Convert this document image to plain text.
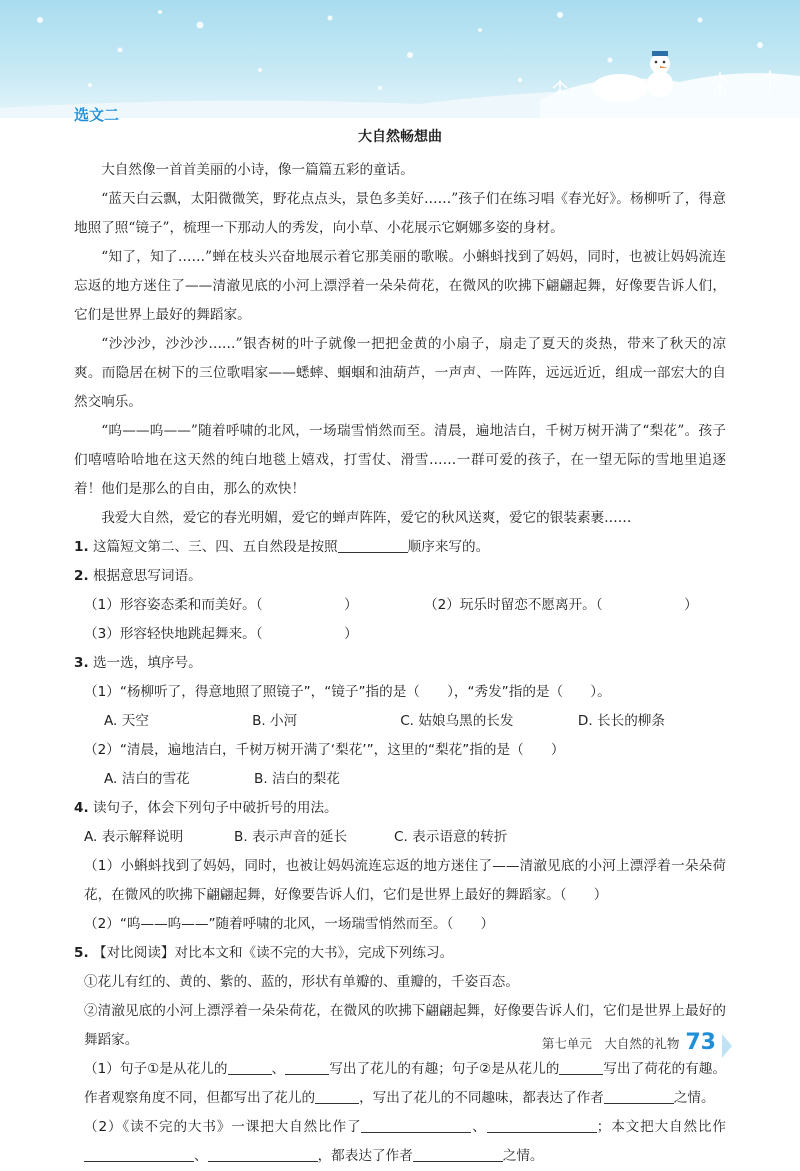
选文二
大自然畅想曲

大自然像一首首美丽的小诗，像一篇篇五彩的童话。

“蓝天白云飘，太阳微微笑，野花点点头，景色多美好……”孩子们在练习唱《春光好》。杨柳听了，得意地照了照“镜子”，梳理一下那动人的秀发，向小草、小花展示它婀娜多姿的身材。

“知了，知了……”蝉在枝头兴奋地展示着它那美丽的歌喉。小蝌蚪找到了妈妈，同时，也被让妈妈流连忘返的地方迷住了——清澈见底的小河上漂浮着一朵朵荷花，在微风的吹拂下翩翩起舞，好像要告诉人们，它们是世界上最好的舞蹈家。

“沙沙沙，沙沙沙……”银杏树的叶子就像一把把金黄的小扇子，扇走了夏天的炎热，带来了秋天的凉爽。而隐居在树下的三位歌唱家——蟋蟀、蝈蝈和油葫芦，一声声、一阵阵，远远近近，组成一部宏大的自然交响乐。

“呜——呜——”随着呼啸的北风，一场瑞雪悄然而至。清晨，遍地洁白，千树万树开满了“梨花”。孩子们嘻嘻哈哈地在这天然的纯白地毯上嬉戏，打雪仗、滑雪……一群可爱的孩子，在一望无际的雪地里追逐着！他们是那么的自由，那么的欢快！

我爱大自然，爱它的春光明媚，爱它的蝉声阵阵，爱它的秋风送爽，爱它的银装素裹……

1. 这篇短文第二、三、四、五自然段是按照	顺序来写的。

2. 根据意思写词语。

（1）形容姿态柔和而美好。（　　　　　　）	（2）玩乐时留恋不愿离开。（　　　　　　）

（3）形容轻快地跳起舞来。（　　　　　　）

3. 选一选，填序号。

（1）“杨柳听了，得意地照了照镜子”，“镜子”指的是（　　），“秀发”指的是（　　）。

A. 天空	B. 小河	C. 姑娘乌黑的长发	D. 长长的柳条

（2）“清晨，遍地洁白，千树万树开满了‘梨花’”，这里的“梨花”指的是（　　）

A. 洁白的雪花	B. 洁白的梨花

4. 读句子，体会下列句子中破折号的用法。

A. 表示解释说明	B. 表示声音的延长	C. 表示语意的转折

（1）小蝌蚪找到了妈妈，同时，也被让妈妈流连忘返的地方迷住了——清澈见底的小河上漂浮着一朵朵荷花，在微风的吹拂下翩翩起舞，好像要告诉人们，它们是世界上最好的舞蹈家。（　　）

（2）“呜——呜——”随着呼啸的北风，一场瑞雪悄然而至。（　　）

5. 【对比阅读】对比本文和《读不完的大书》，完成下列练习。

①花儿有红的、黄的、紫的、蓝的，形状有单瓣的、重瓣的，千姿百态。

②清澈见底的小河上漂浮着一朵朵荷花，在微风的吹拂下翩翩起舞，好像要告诉人们，它们是世界上最好的舞蹈家。

（1）句子①是从花儿的	、	写出了花儿的有趣；句子②是从花儿的	写出了荷花的有趣。作者观察角度不同，但都写出了花儿的	，写出了花儿的不同趣味，都表达了作者	之情。

（2）《读不完的大书》一课把大自然比作了	、	；本文把大自然比作、	，都表达了作者	之情。

第七单元　大自然的礼物 73
